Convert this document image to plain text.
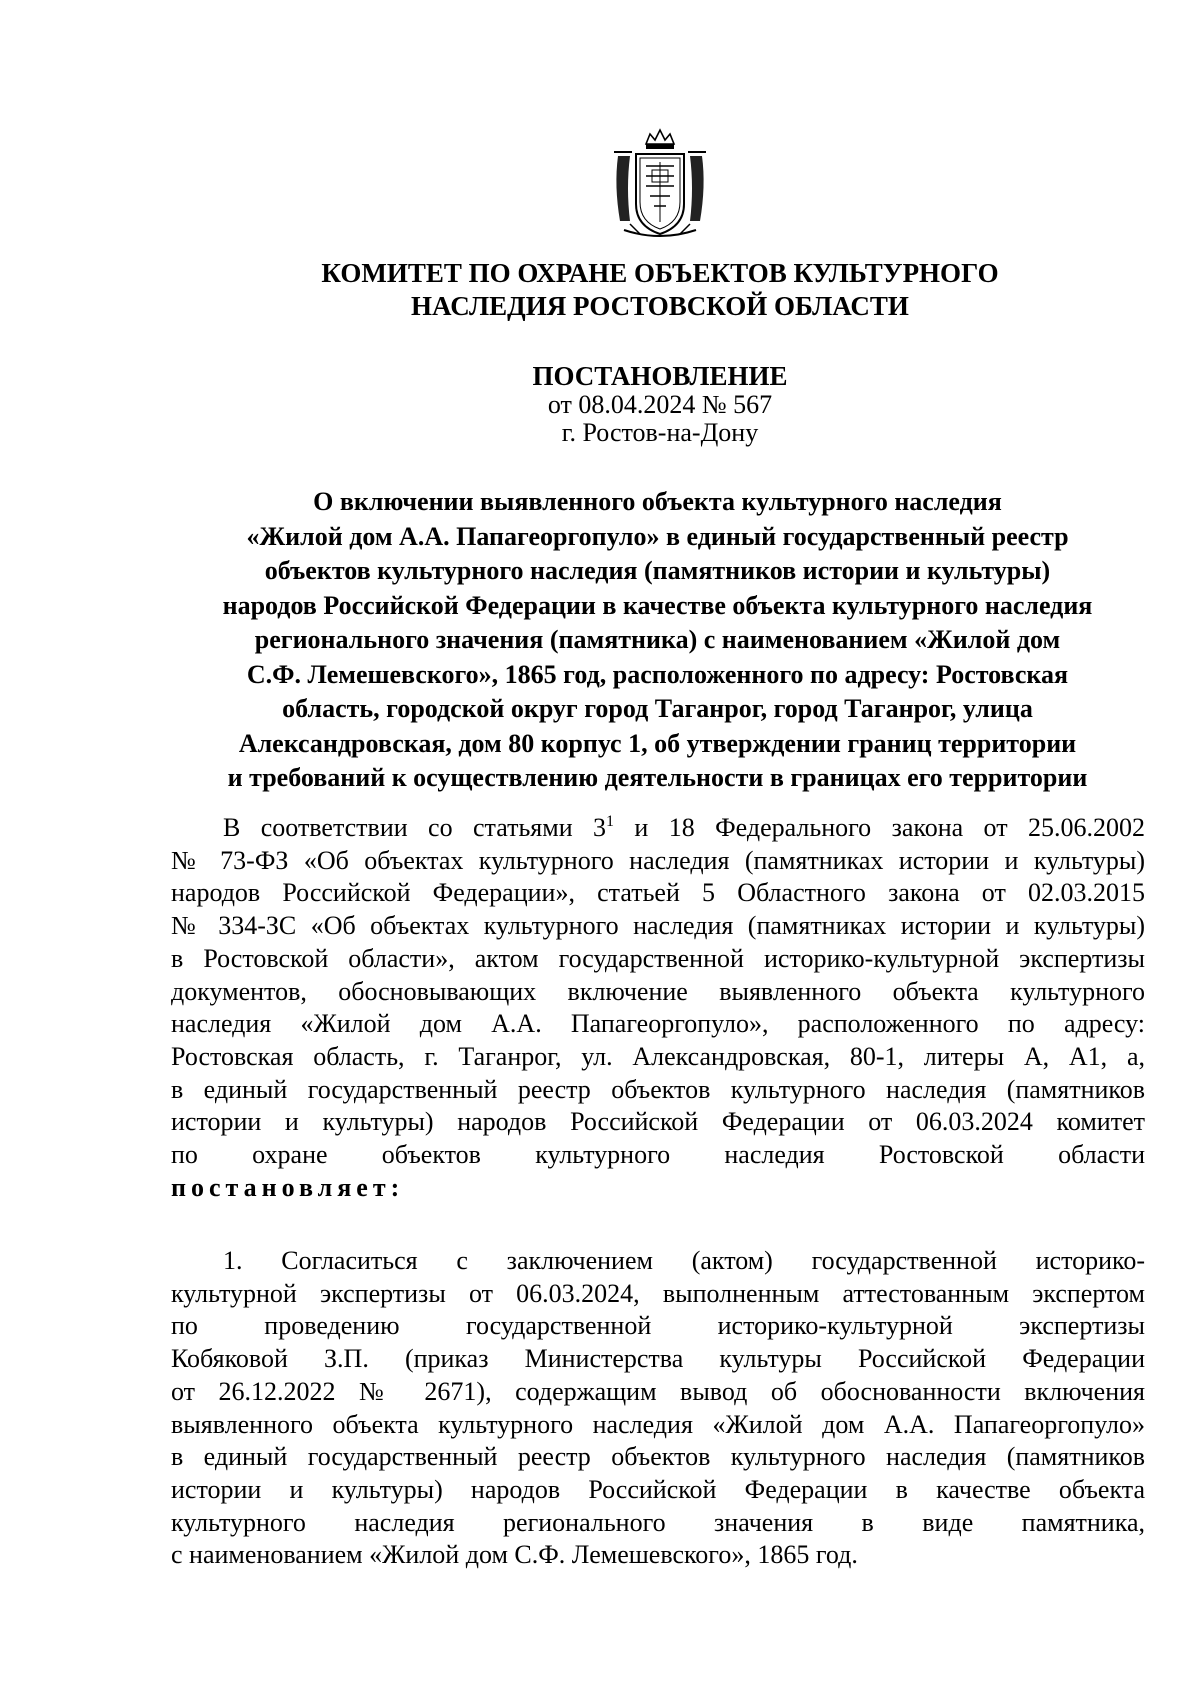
КОМИТЕТ ПО ОХРАНЕ ОБЪЕКТОВ КУЛЬТУРНОГО
НАСЛЕДИЯ РОСТОВСКОЙ ОБЛАСТИ
ПОСТАНОВЛЕНИЕ
от 08.04.2024 № 567
г. Ростов-на-Дону
О включении выявленного объекта культурного наследия
«Жилой дом А.А. Папагеоргопуло» в единый государственный реестр
объектов культурного наследия (памятников истории и культуры)
народов Российской Федерации в качестве объекта культурного наследия
регионального значения (памятника) с наименованием «Жилой дом
С.Ф. Лемешевского», 1865 год, расположенного по адресу: Ростовская
область, городской округ город Таганрог, город Таганрог, улица
Александровская, дом 80 корпус 1, об утверждении границ территории
и требований к осуществлению деятельности в границах его территории
В соответствии со статьями $3^1$ и 18 Федерального закона от 25.06.2002
№ 73-ФЗ «Об объектах культурного наследия (памятниках истории и культуры)
народов Российской Федерации», статьей 5 Областного закона от 02.03.2015
№ 334-ЗС «Об объектах культурного наследия (памятниках истории и культуры)
в Ростовской области», актом государственной историко-культурной экспертизы
документов, обосновывающих включение выявленного объекта культурного
наследия «Жилой дом А.А. Папагеоргопуло», расположенного по адресу:
Ростовская область, г. Таганрог, ул. Александровская, 80-1, литеры А, А1, а,
в единый государственный реестр объектов культурного наследия (памятников
истории и культуры) народов Российской Федерации от 06.03.2024 комитет
по охране объектов культурного наследия Ростовской области
постановляет:
1. Согласиться с заключением (актом) государственной историко-
культурной экспертизы от 06.03.2024, выполненным аттестованным экспертом
по проведению государственной историко-культурной экспертизы
Кобяковой З.П. (приказ Министерства культуры Российской Федерации
от 26.12.2022 № 2671), содержащим вывод об обоснованности включения
выявленного объекта культурного наследия «Жилой дом А.А. Папагеоргопуло»
в единый государственный реестр объектов культурного наследия (памятников
истории и культуры) народов Российской Федерации в качестве объекта
культурного наследия регионального значения в виде памятника,
с наименованием «Жилой дом С.Ф. Лемешевского», 1865 год.
